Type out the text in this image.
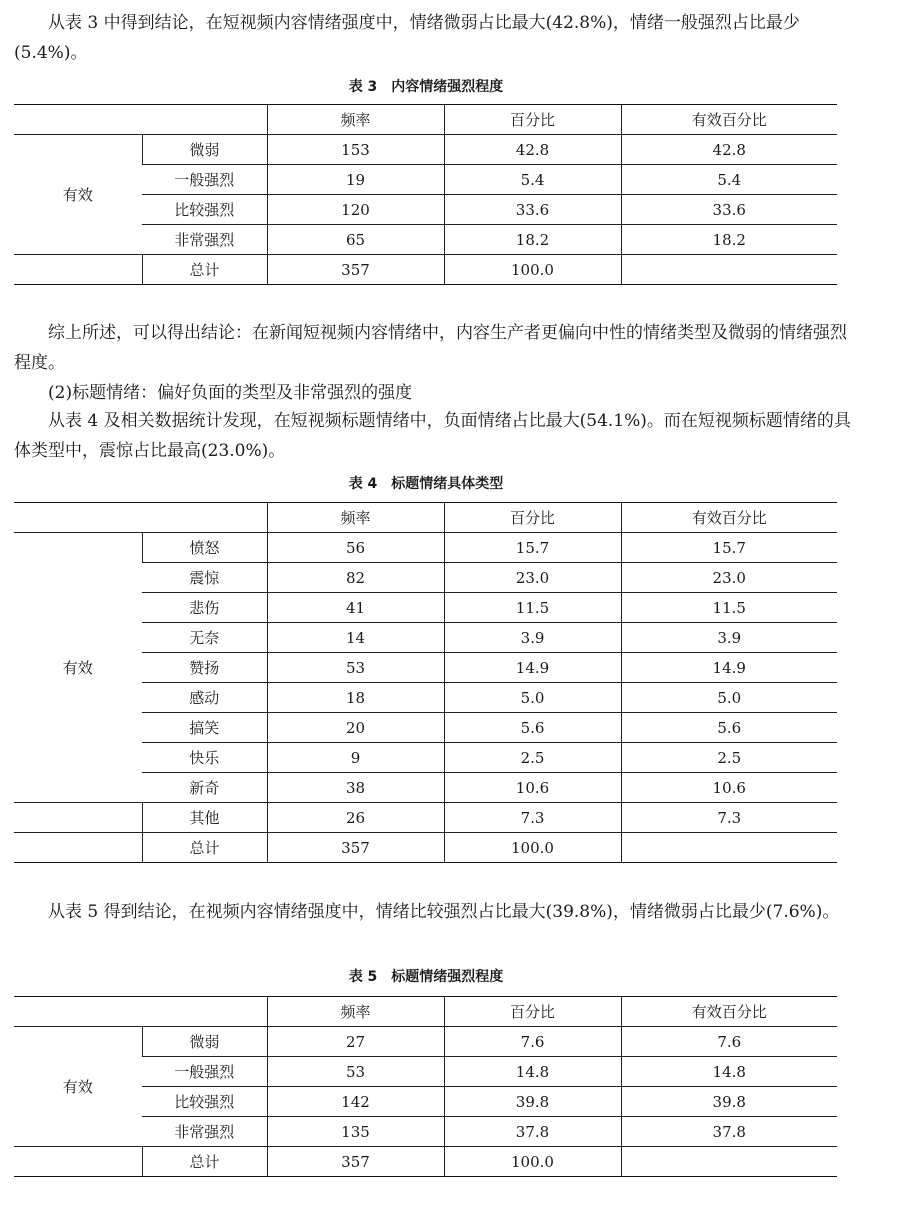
从表 3 中得到结论，在短视频内容情绪强度中，情绪微弱占比最大(42.8%)，情绪一般强烈占比最少(5.4%)。

表 3　内容情绪强烈程度

		频率	百分比	有效百分比
有效	微弱	153	42.8	42.8
	一般强烈	19	5.4	5.4
	比较强烈	120	33.6	33.6
	非常强烈	65	18.2	18.2
	总计	357	100.0	

综上所述，可以得出结论：在新闻短视频内容情绪中，内容生产者更偏向中性的情绪类型及微弱的情绪强烈程度。

(2)标题情绪：偏好负面的类型及非常强烈的强度

从表 4 及相关数据统计发现，在短视频标题情绪中，负面情绪占比最大(54.1%)。而在短视频标题情绪的具体类型中，震惊占比最高(23.0%)。

表 4　标题情绪具体类型

		频率	百分比	有效百分比
有效	愤怒	56	15.7	15.7
	震惊	82	23.0	23.0
	悲伤	41	11.5	11.5
	无奈	14	3.9	3.9
	赞扬	53	14.9	14.9
	感动	18	5.0	5.0
	搞笑	20	5.6	5.6
	快乐	9	2.5	2.5
	新奇	38	10.6	10.6
	其他	26	7.3	7.3
	总计	357	100.0	

从表 5 得到结论，在视频内容情绪强度中，情绪比较强烈占比最大(39.8%)，情绪微弱占比最少(7.6%)。

表 5　标题情绪强烈程度

		频率	百分比	有效百分比
有效	微弱	27	7.6	7.6
	一般强烈	53	14.8	14.8
	比较强烈	142	39.8	39.8
	非常强烈	135	37.8	37.8
	总计	357	100.0	
